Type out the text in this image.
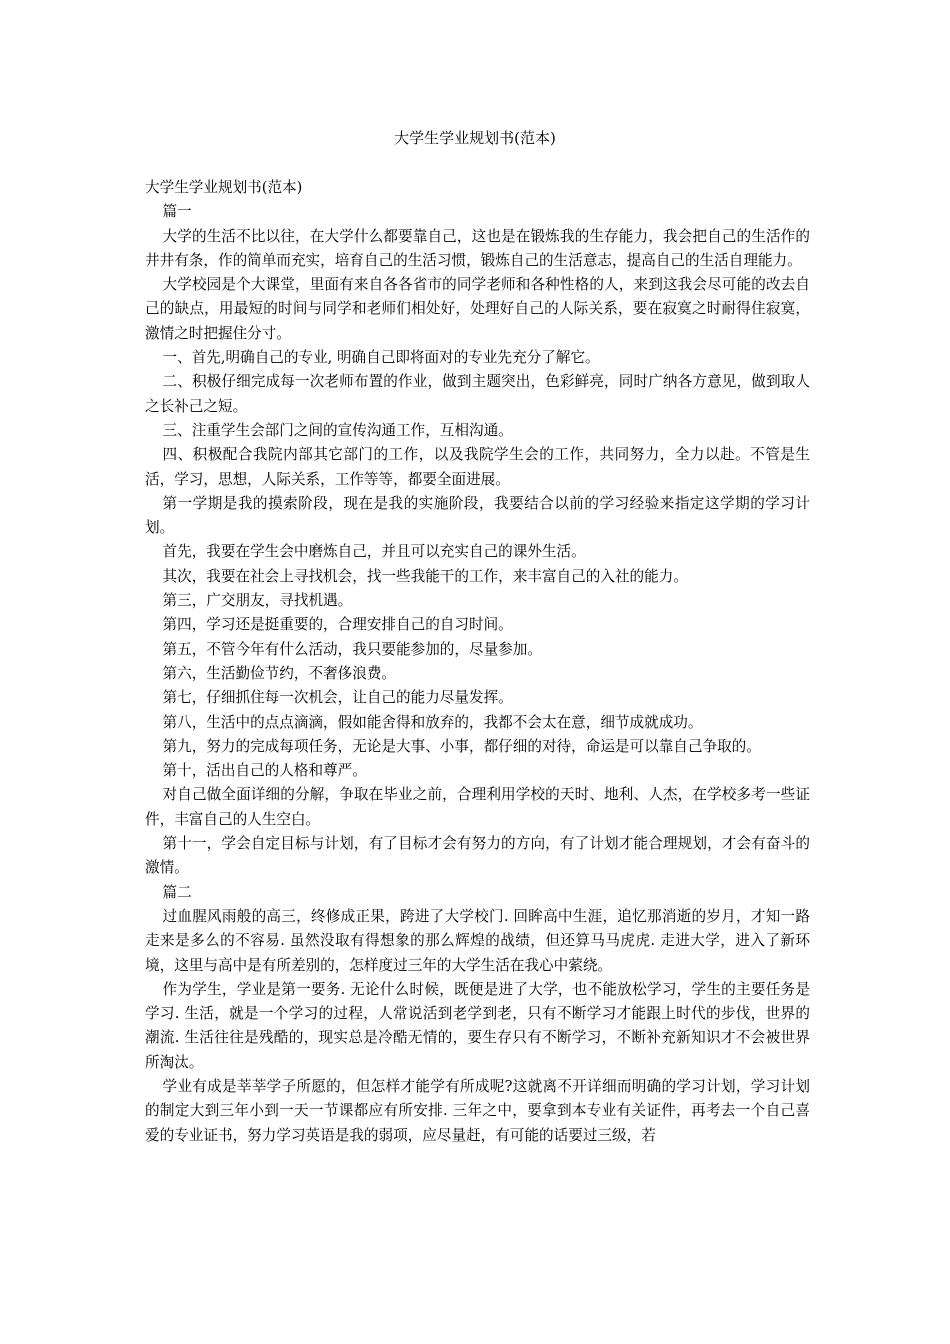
大学生学业规划书(范本)

大学生学业规划书(范本)

篇一

大学的生活不比以往，在大学什么都要靠自己，这也是在锻炼我的生存能力，我会把自己的生活作的井井有条，作的简单而充实，培育自己的生活习惯，锻炼自己的生活意志，提高自己的生活自理能力。

大学校园是个大课堂，里面有来自各各省市的同学老师和各种性格的人，来到这我会尽可能的改去自己的缺点，用最短的时间与同学和老师们相处好，处理好自己的人际关系，要在寂寞之时耐得住寂寞，激情之时把握住分寸。

一、首先,明确自己的专业, 明确自己即将面对的专业先充分了解它。

二、积极仔细完成每一次老师布置的作业，做到主题突出，色彩鲜亮，同时广纳各方意见，做到取人之长补己之短。

三、注重学生会部门之间的宣传沟通工作，互相沟通。

四、积极配合我院内部其它部门的工作，以及我院学生会的工作，共同努力，全力以赴。不管是生活，学习，思想，人际关系，工作等等，都要全面进展。

第一学期是我的摸索阶段，现在是我的实施阶段，我要结合以前的学习经验来指定这学期的学习计划。

首先，我要在学生会中磨炼自己，并且可以充实自己的课外生活。

其次，我要在社会上寻找机会，找一些我能干的工作，来丰富自己的入社的能力。

第三，广交朋友，寻找机遇。

第四，学习还是挺重要的，合理安排自己的自习时间。

第五，不管今年有什么活动，我只要能参加的，尽量参加。

第六，生活勤俭节约，不奢侈浪费。

第七，仔细抓住每一次机会，让自己的能力尽量发挥。

第八，生活中的点点滴滴，假如能舍得和放弃的，我都不会太在意，细节成就成功。

第九，努力的完成每项任务，无论是大事、小事，都仔细的对待，命运是可以靠自己争取的。

第十，活出自己的人格和尊严。

对自己做全面详细的分解，争取在毕业之前，合理利用学校的天时、地利、人杰，在学校多考一些证件，丰富自己的人生空白。

第十一，学会自定目标与计划，有了目标才会有努力的方向，有了计划才能合理规划，才会有奋斗的激情。

篇二

过血腥风雨般的高三，终修成正果，跨进了大学校门. 回眸高中生涯，追忆那消逝的岁月，才知一路走来是多么的不容易. 虽然没取有得想象的那么辉煌的战绩，但还算马马虎虎. 走进大学，进入了新环境，这里与高中是有所差别的，怎样度过三年的大学生活在我心中萦绕。

作为学生，学业是第一要务. 无论什么时候，既便是进了大学，也不能放松学习，学生的主要任务是学习. 生活，就是一个学习的过程，人常说活到老学到老，只有不断学习才能跟上时代的步伐，世界的潮流. 生活往往是残酷的，现实总是冷酷无情的，要生存只有不断学习，不断补充新知识才不会被世界所淘汰。

学业有成是莘莘学子所愿的，但怎样才能学有所成呢?这就离不开详细而明确的学习计划，学习计划的制定大到三年小到一天一节课都应有所安排. 三年之中，要拿到本专业有关证件，再考去一个自己喜爱的专业证书，努力学习英语是我的弱项，应尽量赶，有可能的话要过三级，若
